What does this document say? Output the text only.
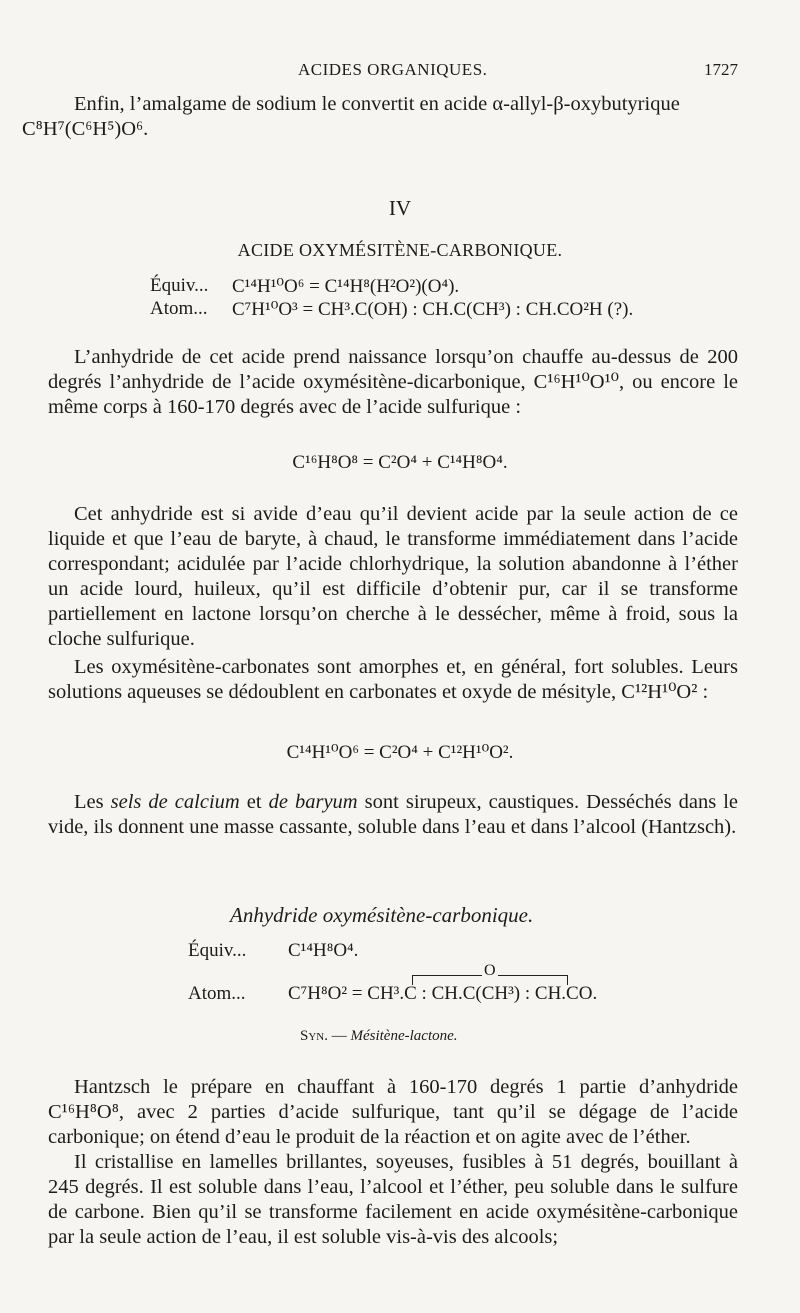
ACIDES ORGANIQUES.	1727
Enfin, l’amalgame de sodium le convertit en acide α-allyl-β-oxybutyrique
C⁸H⁷(C⁶H⁵)O⁶.
IV
ACIDE OXYMÉSITÈNE-CARBONIQUE.
Équiv... C¹⁴H¹⁰O⁶ = C¹⁴H⁸(H²O²)(O⁴).
Atom... C⁷H¹⁰O³ = CH³.C(OH) : CH.C(CH³) : CH.CO²H (?).
L’anhydride de cet acide prend naissance lorsqu’on chauffe au-dessus de 200 degrés l’anhydride de l’acide oxymésitène-dicarbonique, C¹⁶H¹⁰O¹⁰, ou encore le même corps à 160-170 degrés avec de l’acide sulfurique :
C¹⁶H⁸O⁸ = C²O⁴ + C¹⁴H⁸O⁴.
Cet anhydride est si avide d’eau qu’il devient acide par la seule action de ce liquide et que l’eau de baryte, à chaud, le transforme immédiatement dans l’acide correspondant; acidulée par l’acide chlorhydrique, la solution abandonne à l’éther un acide lourd, huileux, qu’il est difficile d’obtenir pur, car il se transforme partiellement en lactone lorsqu’on cherche à le dessécher, même à froid, sous la cloche sulfurique.
Les oxymésitène-carbonates sont amorphes et, en général, fort solubles. Leurs solutions aqueuses se dédoublent en carbonates et oxyde de mésityle, C¹²H¹⁰O² :
C¹⁴H¹⁰O⁶ = C²O⁴ + C¹²H¹⁰O².
Les sels de calcium et de baryum sont sirupeux, caustiques. Desséchés dans le vide, ils donnent une masse cassante, soluble dans l’eau et dans l’alcool (Hantzsch).
Anhydride oxymésitène-carbonique.
Équiv... C¹⁴H⁸O⁴.
O
Atom... C⁷H⁸O² = CH³.C : CH.C(CH³) : CH.CO.
Syn. — Mésitène-lactone.
Hantzsch le prépare en chauffant à 160-170 degrés 1 partie d’anhydride C¹⁶H⁸O⁸, avec 2 parties d’acide sulfurique, tant qu’il se dégage de l’acide carbonique; on étend d’eau le produit de la réaction et on agite avec de l’éther.
Il cristallise en lamelles brillantes, soyeuses, fusibles à 51 degrés, bouillant à 245 degrés. Il est soluble dans l’eau, l’alcool et l’éther, peu soluble dans le sulfure de carbone. Bien qu’il se transforme facilement en acide oxymésitène-carbonique par la seule action de l’eau, il est soluble vis-à-vis des alcools;
